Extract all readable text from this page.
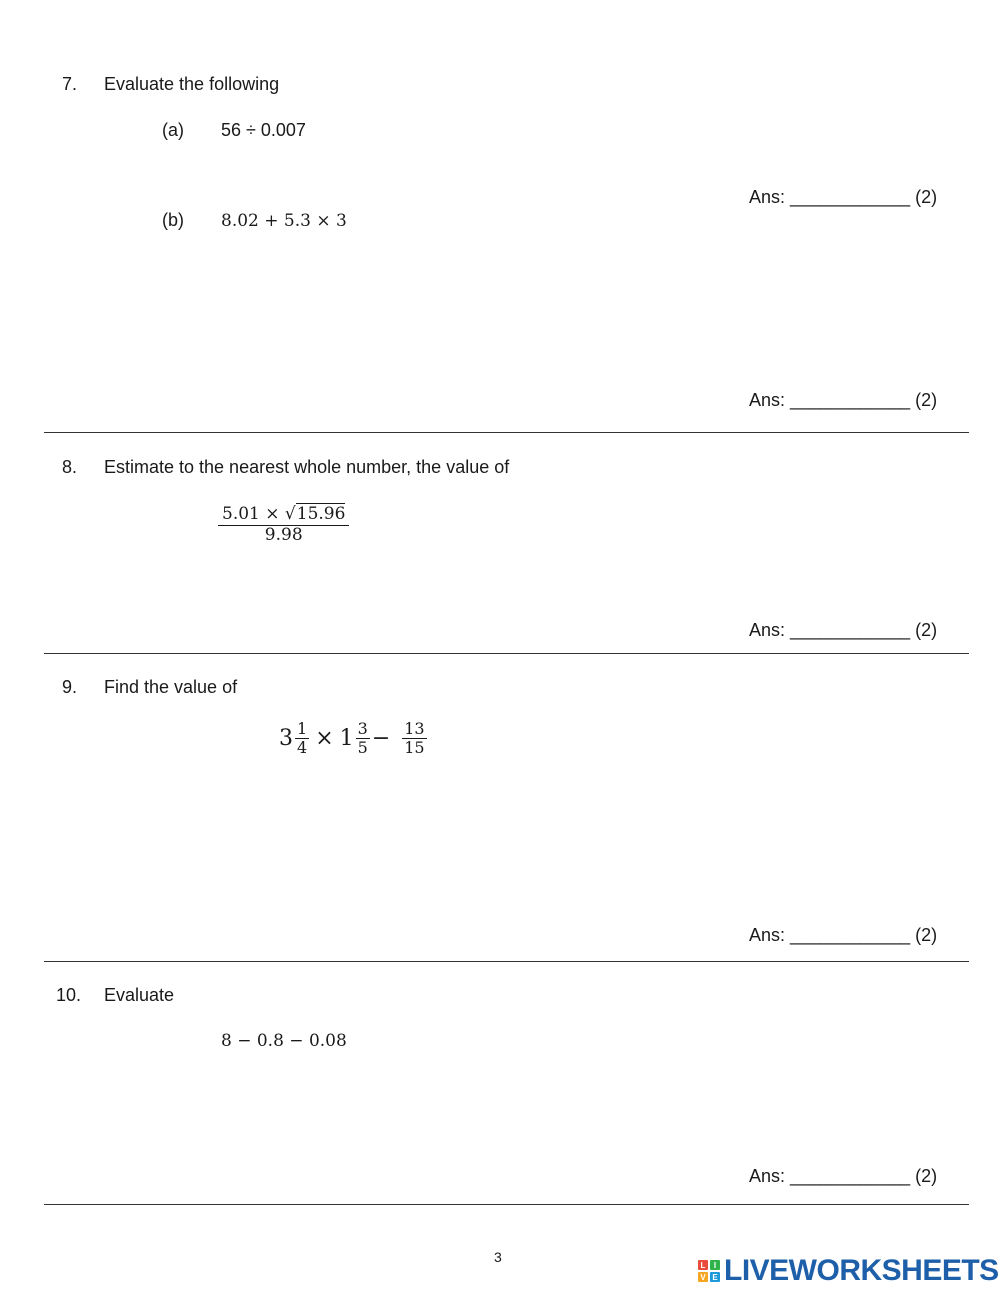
7. Evaluate the following
(a) 56 ÷ 0.007
Ans: ____________ (2)
(b) 8.02 + 5.3 × 3
Ans: ____________ (2)
8. Estimate to the nearest whole number, the value of
$\frac{5.01 \times √15.96}{9.98}$
Ans: ____________ (2)
9. Find the value of
$3 \frac{1}{4} \times 1 \frac{3}{5} - \frac{13}{15}$
Ans: ____________ (2)
10. Evaluate
8 − 0.8 − 0.08
Ans: ____________ (2)
3	L	I
V E LIVEWORKSHEETS
